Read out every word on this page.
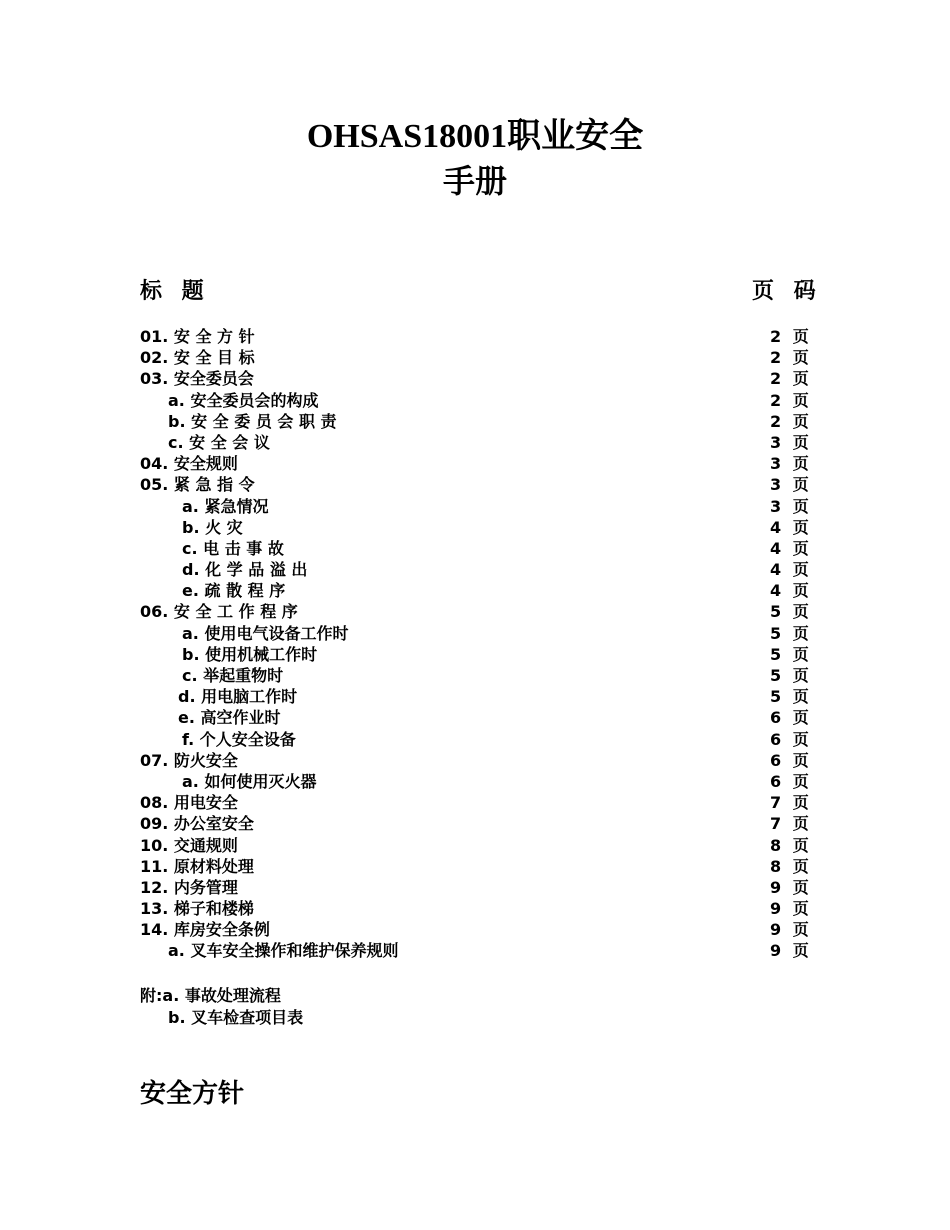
OHSAS18001职业安全
手册
标 题	页 码
01. 安 全 方 针	2 页
02. 安 全 目 标	2 页
03. 安全委员会	2 页
a. 安全委员会的构成	2 页
b. 安 全 委 员 会 职 责	2 页
c. 安 全 会 议	3 页
04. 安全规则	3 页
05. 紧 急 指 令	3 页
a. 紧急情况	3 页
b. 火 灾	4 页
c. 电 击 事 故	4 页
d. 化 学 品 溢 出	4 页
e. 疏 散 程 序	4 页
06. 安 全 工 作 程 序	5 页
a. 使用电气设备工作时	5 页
b. 使用机械工作时	5 页
c. 举起重物时	5 页
d. 用电脑工作时	5 页
e. 高空作业时	6 页
f. 个人安全设备	6 页
07. 防火安全	6 页
a. 如何使用灭火器	6 页
08. 用电安全	7 页
09. 办公室安全	7 页
10. 交通规则	8 页
11. 原材料处理	8 页
12. 内务管理	9 页
13. 梯子和楼梯	9 页
14. 库房安全条例	9 页
a. 叉车安全操作和维护保养规则	9 页
附:a. 事故处理流程
b. 叉车检查项目表
安全方针
